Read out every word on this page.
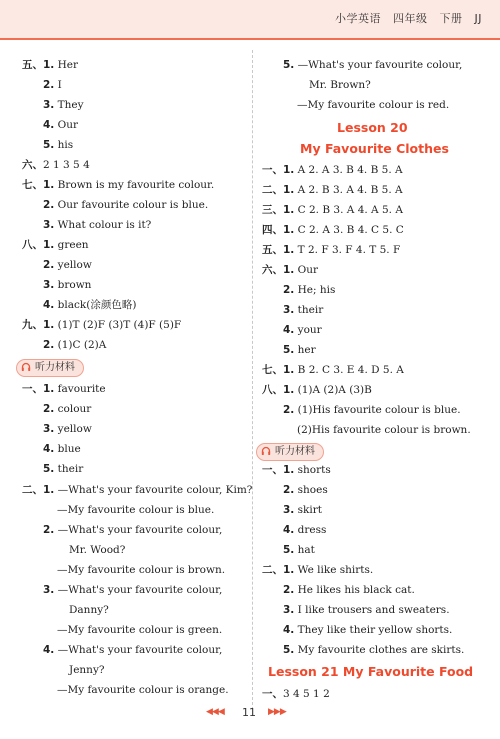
小学英语 四年级 下册 JJ
五、1. Her
2. I
3. They
4. Our
5. his
六、2 1 3 5 4
七、1. Brown is my favourite colour.
2. Our favourite colour is blue.
3. What colour is it?
八、1. green
2. yellow
3. brown
4. black(涂颜色略)
九、1. (1)T (2)F (3)T (4)F (5)F
2. (1)C (2)A
听力材料
一、1. favourite
2. colour
3. yellow
4. blue
5. their
二、1. —What's your favourite colour, Kim?
—My favourite colour is blue.
2. —What's your favourite colour,
Mr. Wood?
—My favourite colour is brown.
3. —What's your favourite colour,
Danny?
—My favourite colour is green.
4. —What's your favourite colour,
Jenny?
—My favourite colour is orange.
5. —What's your favourite colour,
Mr. Brown?
—My favourite colour is red.
Lesson 20
My Favourite Clothes
一、1. A 2. A 3. B 4. B 5. A
二、1. A 2. B 3. A 4. B 5. A
三、1. C 2. B 3. A 4. A 5. A
四、1. C 2. A 3. B 4. C 5. C
五、1. T 2. F 3. F 4. T 5. F
六、1. Our
2. He; his
3. their
4. your
5. her
七、1. B 2. C 3. E 4. D 5. A
八、1. (1)A (2)A (3)B
2. (1)His favourite colour is blue.
(2)His favourite colour is brown.
听力材料
一、1. shorts
2. shoes
3. skirt
4. dress
5. hat
二、1. We like shirts.
2. He likes his black cat.
3. I like trousers and sweaters.
4. They like their yellow shorts.
5. My favourite clothes are skirts.
Lesson 21 My Favourite Food
一、3 4 5 1 2
◀◀◀ 11 ▶▶▶
